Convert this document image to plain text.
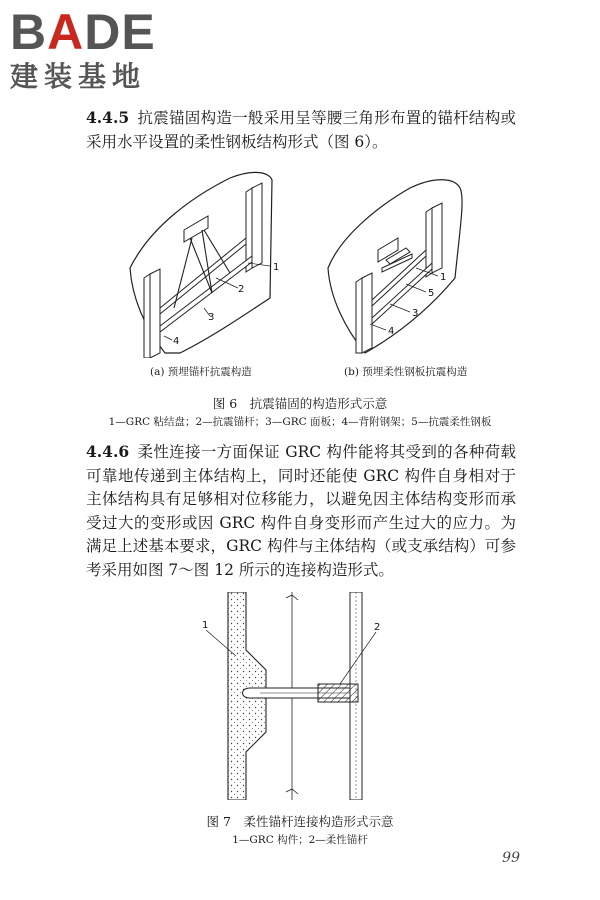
B A DE
建装基地
4.4.5 抗震锚固构造一般采用呈等腰三角形布置的锚杆结构或采用水平设置的柔性钢板结构形式（图 6）。
1
2
3
4
1
5
3
4
(a) 预埋锚杆抗震构造	(b) 预埋柔性钢板抗震构造
图 6　抗震锚固的构造形式示意
1—GRC 粘结盘；2—抗震锚杆；3—GRC 面板；4—背附钢架；5—抗震柔性钢板
4.4.6 柔性连接一方面保证 GRC 构件能将其受到的各种荷载可靠地传递到主体结构上，同时还能使 GRC 构件自身相对于主体结构具有足够相对位移能力，以避免因主体结构变形而承受过大的变形或因 GRC 构件自身变形而产生过大的应力。为满足上述基本要求，GRC 构件与主体结构（或支承结构）可参考采用如图 7～图 12 所示的连接构造形式。
1	2
图 7　柔性锚杆连接构造形式示意
1—GRC 构件；2—柔性锚杆
99
